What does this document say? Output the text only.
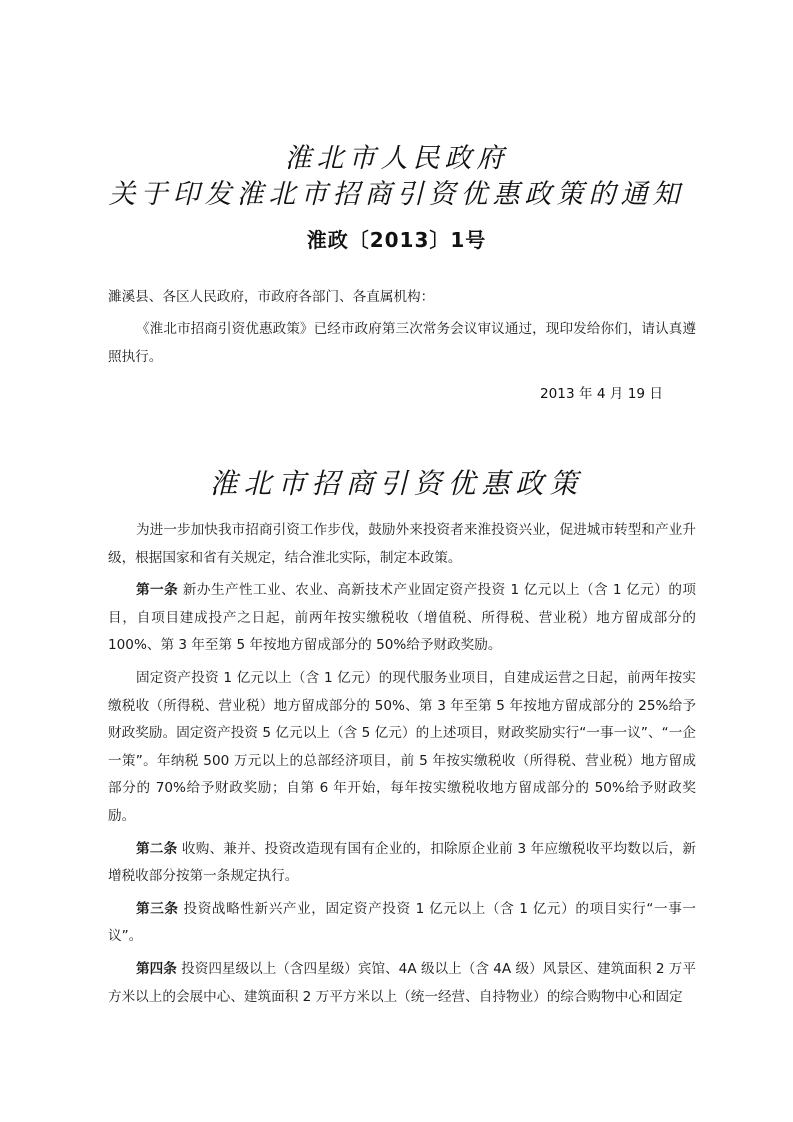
淮北市人民政府
关于印发淮北市招商引资优惠政策的通知
淮政〔2013〕1号
濉溪县、各区人民政府，市政府各部门、各直属机构：
《淮北市招商引资优惠政策》已经市政府第三次常务会议审议通过，现印发给你们，请认真遵照执行。
2013 年 4 月 19 日
淮北市招商引资优惠政策

为进一步加快我市招商引资工作步伐，鼓励外来投资者来淮投资兴业，促进城市转型和产业升级，根据国家和省有关规定，结合淮北实际，制定本政策。

第一条 新办生产性工业、农业、高新技术产业固定资产投资 1 亿元以上（含 1 亿元）的项目，自项目建成投产之日起，前两年按实缴税收（增值税、所得税、营业税）地方留成部分的 100%、第 3 年至第 5 年按地方留成部分的 50%给予财政奖励。

固定资产投资 1 亿元以上（含 1 亿元）的现代服务业项目，自建成运营之日起，前两年按实缴税收（所得税、营业税）地方留成部分的 50%、第 3 年至第 5 年按地方留成部分的 25%给予财政奖励。固定资产投资 5 亿元以上（含 5 亿元）的上述项目，财政奖励实行“一事一议”、“一企一策”。年纳税 500 万元以上的总部经济项目，前 5 年按实缴税收（所得税、营业税）地方留成部分的 70%给予财政奖励；自第 6 年开始，每年按实缴税收地方留成部分的 50%给予财政奖励。

第二条 收购、兼并、投资改造现有国有企业的，扣除原企业前 3 年应缴税收平均数以后，新增税收部分按第一条规定执行。

第三条 投资战略性新兴产业，固定资产投资 1 亿元以上（含 1 亿元）的项目实行“一事一议”。

第四条 投资四星级以上（含四星级）宾馆、4A 级以上（含 4A 级）风景区、建筑面积 2 万平方米以上的会展中心、建筑面积 2 万平方米以上（统一经营、自持物业）的综合购物中心和固定
